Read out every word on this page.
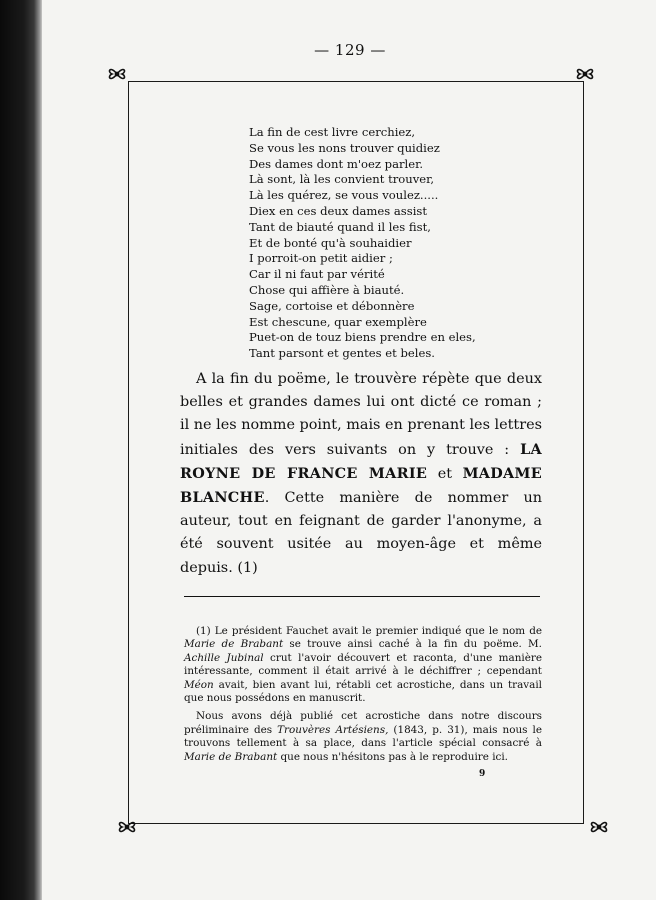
— 129 —
La fin de cest livre cerchiez,
Se vous les nons trouver quidiez
Des dames dont m'oez parler.
Là sont, là les convient trouver,
Là les quérez, se vous voulez.....
Diex en ces deux dames assist
Tant de biauté quand il les fist,
Et de bonté qu'à souhaidier
I porroit-on petit aidier ;
Car il ni faut par vérité
Chose qui affière à biauté.
Sage, cortoise et débonnère
Est chescune, quar exemplère
Puet-on de touz biens prendre en eles,
Tant parsont et gentes et beles.

A la fin du poëme, le trouvère répète que deux belles et grandes dames lui ont dicté ce roman ; il ne les nomme point, mais en prenant les lettres initiales des vers suivants on y trouve : LA ROYNE DE FRANCE MARIE et MADAME BLANCHE. Cette manière de nommer un auteur, tout en feignant de garder l'anonyme, a été souvent usitée au moyen-âge et même depuis. (1)

(1) Le président Fauchet avait le premier indiqué que le nom de Marie de Brabant se trouve ainsi caché à la fin du poëme. M. Achille Jubinal crut l'avoir découvert et raconta, d'une manière intéressante, comment il était arrivé à le déchiffrer ; cependant Méon avait, bien avant lui, rétabli cet acrostiche, dans un travail que nous possédons en manuscrit.

Nous avons déjà publié cet acrostiche dans notre discours préliminaire des Trouvères Artésiens, (1843, p. 31), mais nous le trouvons tellement à sa place, dans l'article spécial consacré à Marie de Brabant que nous n'hésitons pas à le reproduire ici.

9
